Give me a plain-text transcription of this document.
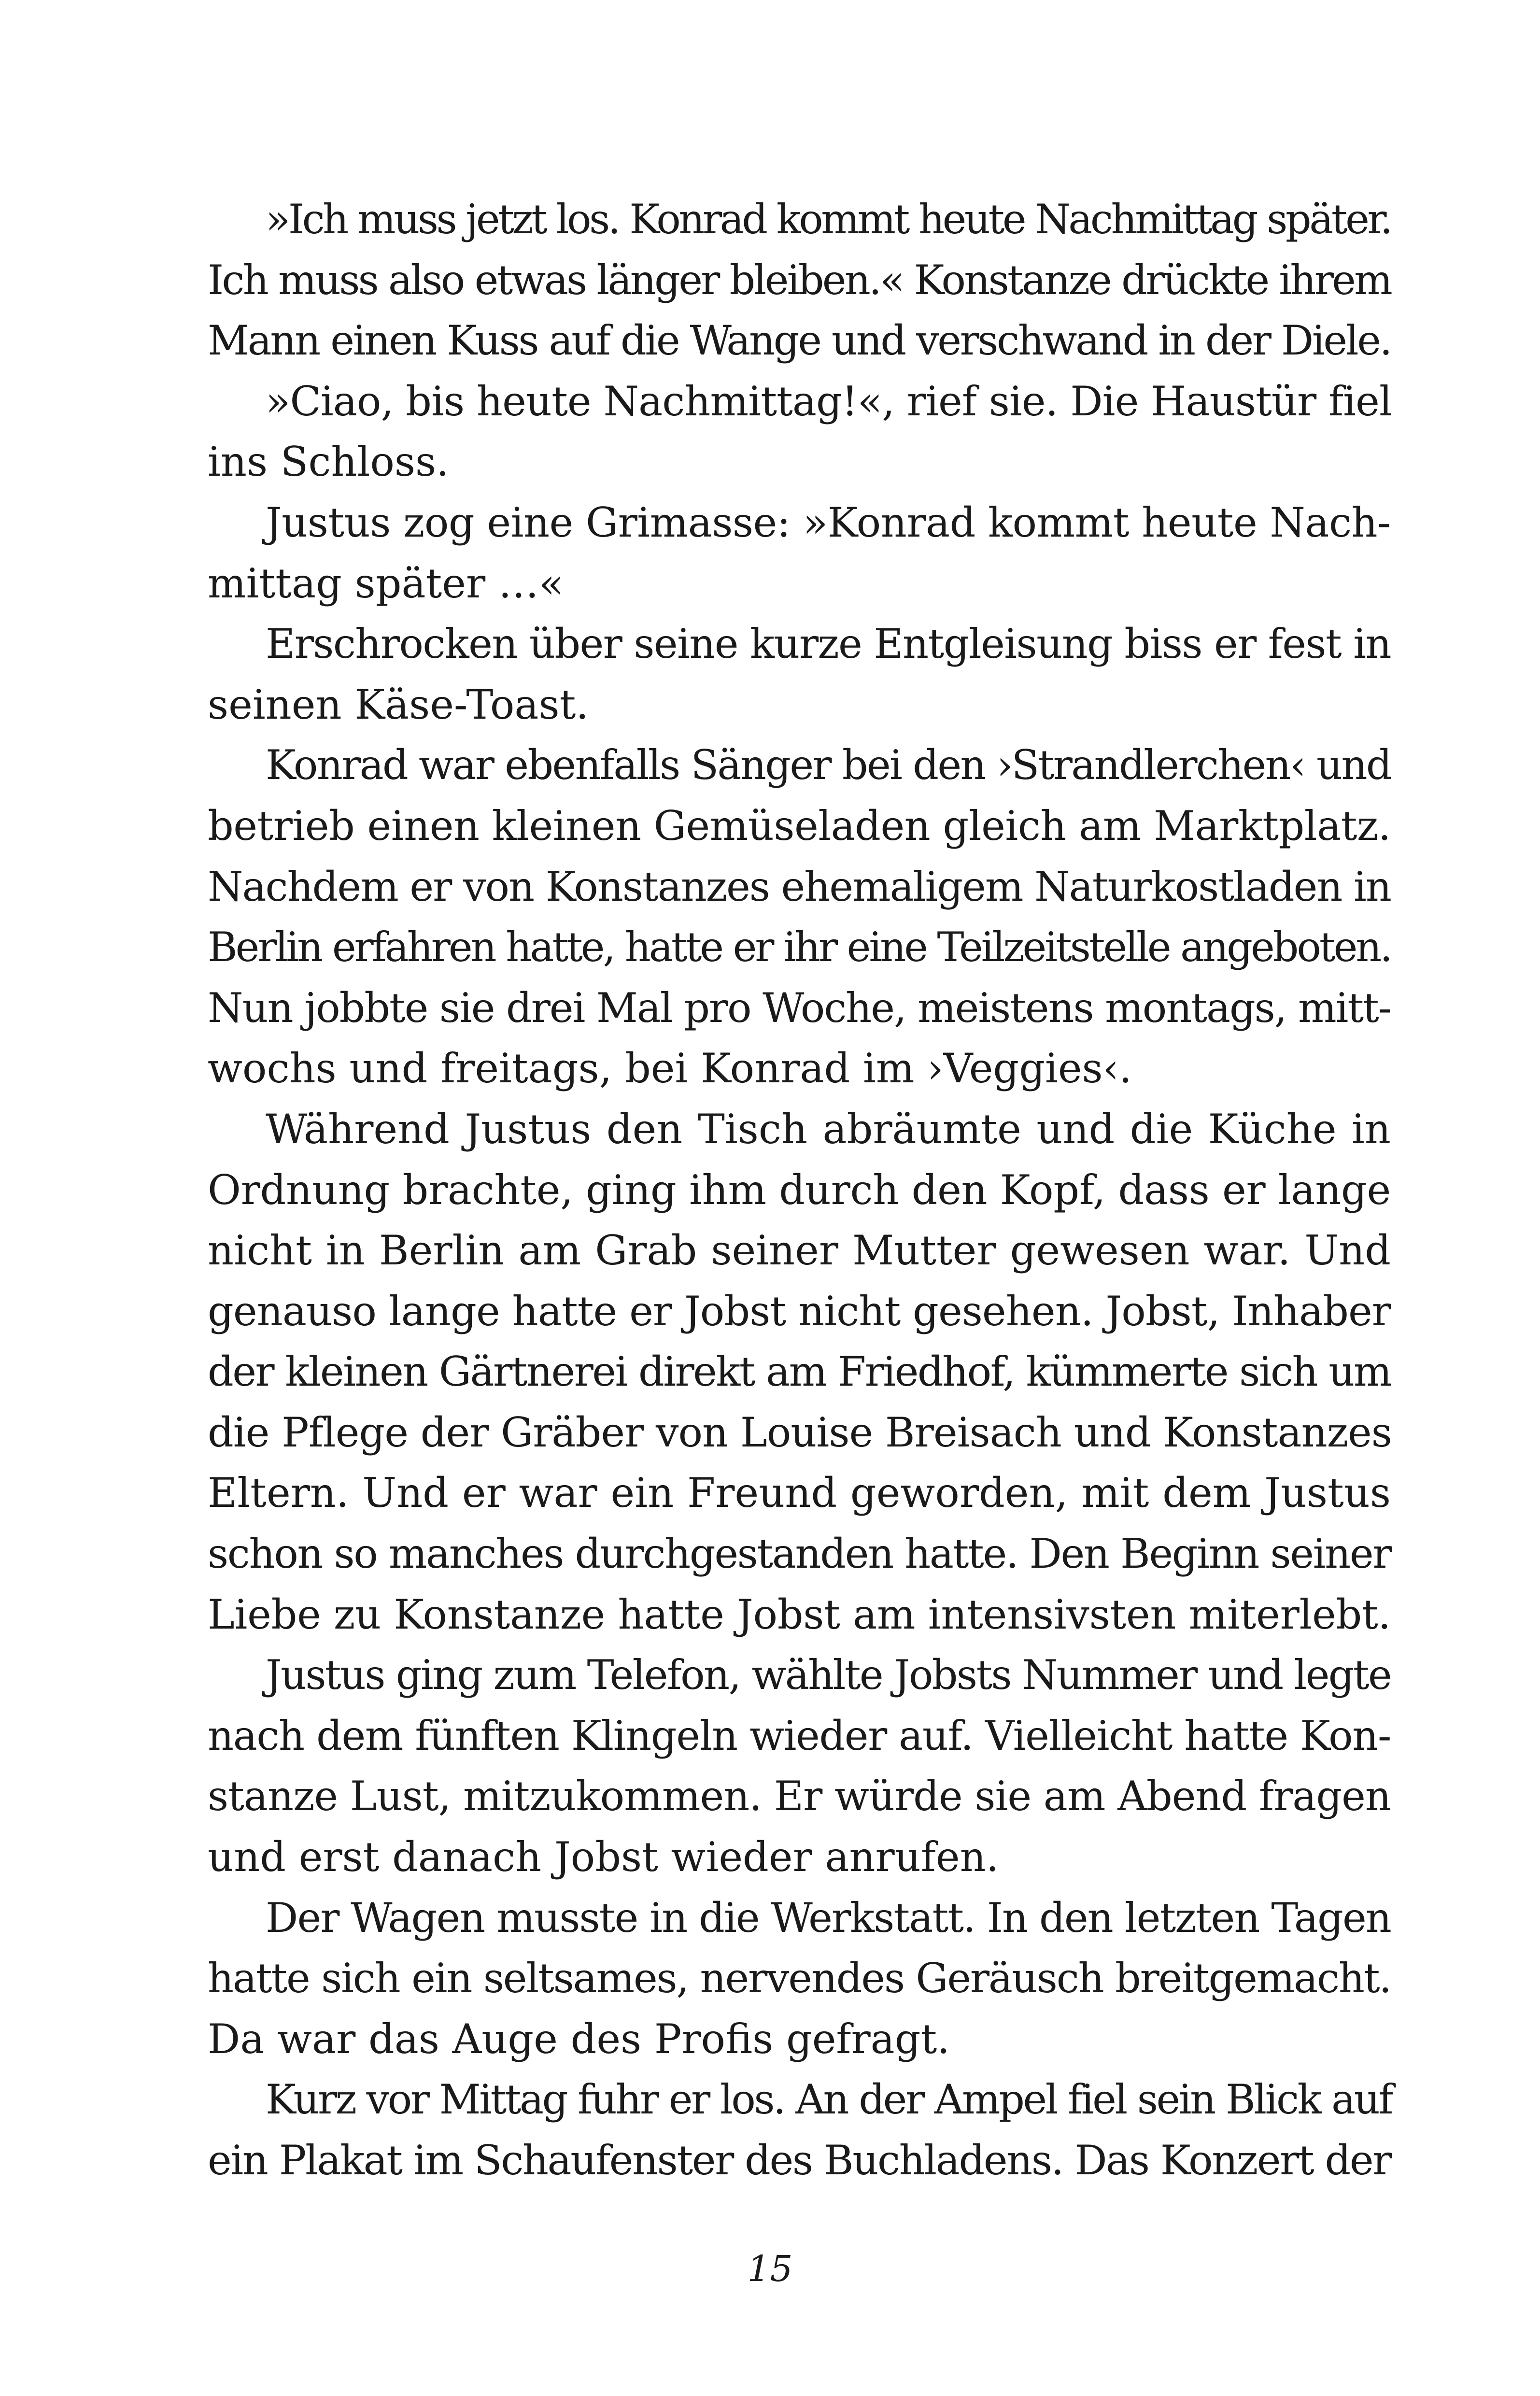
»Ich muss jetzt los. Konrad kommt heute Nachmittag später.
Ich muss also etwas länger bleiben.« Konstanze drückte ihrem
Mann einen Kuss auf die Wange und verschwand in der Diele.
»Ciao, bis heute Nachmittag!«, rief sie. Die Haustür fiel
ins Schloss.
Justus zog eine Grimasse: »Konrad kommt heute Nach-
mittag später …«
Erschrocken über seine kurze Entgleisung biss er fest in
seinen Käse-Toast.
Konrad war ebenfalls Sänger bei den ›Strandlerchen‹ und
betrieb einen kleinen Gemüseladen gleich am Marktplatz.
Nachdem er von Konstanzes ehemaligem Naturkostladen in
Berlin erfahren hatte, hatte er ihr eine Teilzeitstelle angeboten.
Nun jobbte sie drei Mal pro Woche, meistens montags, mitt-
wochs und freitags, bei Konrad im ›Veggies‹.
Während Justus den Tisch abräumte und die Küche in
Ordnung brachte, ging ihm durch den Kopf, dass er lange
nicht in Berlin am Grab seiner Mutter gewesen war. Und
genauso lange hatte er Jobst nicht gesehen. Jobst, Inhaber
der kleinen Gärtnerei direkt am Friedhof, kümmerte sich um
die Pflege der Gräber von Louise Breisach und Konstanzes
Eltern. Und er war ein Freund geworden, mit dem Justus
schon so manches durchgestanden hatte. Den Beginn seiner
Liebe zu Konstanze hatte Jobst am intensivsten miterlebt.
Justus ging zum Telefon, wählte Jobsts Nummer und legte
nach dem fünften Klingeln wieder auf. Vielleicht hatte Kon-
stanze Lust, mitzukommen. Er würde sie am Abend fragen
und erst danach Jobst wieder anrufen.
Der Wagen musste in die Werkstatt. In den letzten Tagen
hatte sich ein seltsames, nervendes Geräusch breitgemacht.
Da war das Auge des Profis gefragt.
Kurz vor Mittag fuhr er los. An der Ampel fiel sein Blick auf
ein Plakat im Schaufenster des Buchladens. Das Konzert der
15
